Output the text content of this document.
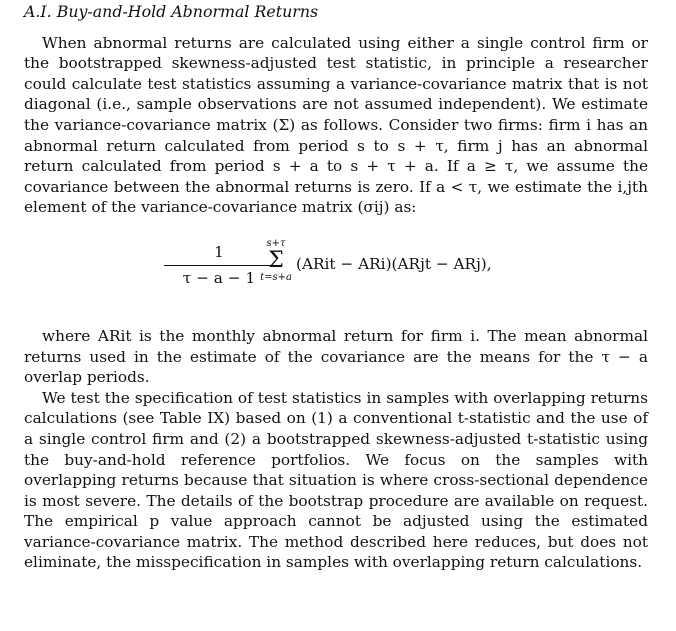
A.I. Buy-and-Hold Abnormal Returns

When abnormal returns are calculated using either a single control firm or the bootstrapped skewness-adjusted test statistic, in principle a researcher could calculate test statistics assuming a variance-covariance matrix that is not diagonal (i.e., sample observations are not assumed independent). We estimate the variance-covariance matrix (Σ) as follows. Consider two firms: firm i has an abnormal return calculated from period s to s + τ, firm j has an abnormal return calculated from period s + a to s + τ + a. If a ≥ τ, we assume the covariance between the abnormal returns is zero. If a < τ, we estimate the i,jth element of the variance-covariance matrix (σij) as:

1
τ − a − 1
s+τ
Σ
t=s+a
(ARit − ARi)(ARjt − ARj),

where ARit is the monthly abnormal return for firm i. The mean abnormal returns used in the estimate of the covariance are the means for the τ − a overlap periods.

We test the specification of test statistics in samples with overlapping returns calculations (see Table IX) based on (1) a conventional t-statistic and the use of a single control firm and (2) a bootstrapped skewness-adjusted t-statistic using the buy-and-hold reference portfolios. We focus on the samples with overlapping returns because that situation is where cross-sectional dependence is most severe. The details of the bootstrap procedure are available on request. The empirical p value approach cannot be adjusted using the estimated variance-covariance matrix. The method described here reduces, but does not eliminate, the misspecification in samples with overlapping return calculations.
